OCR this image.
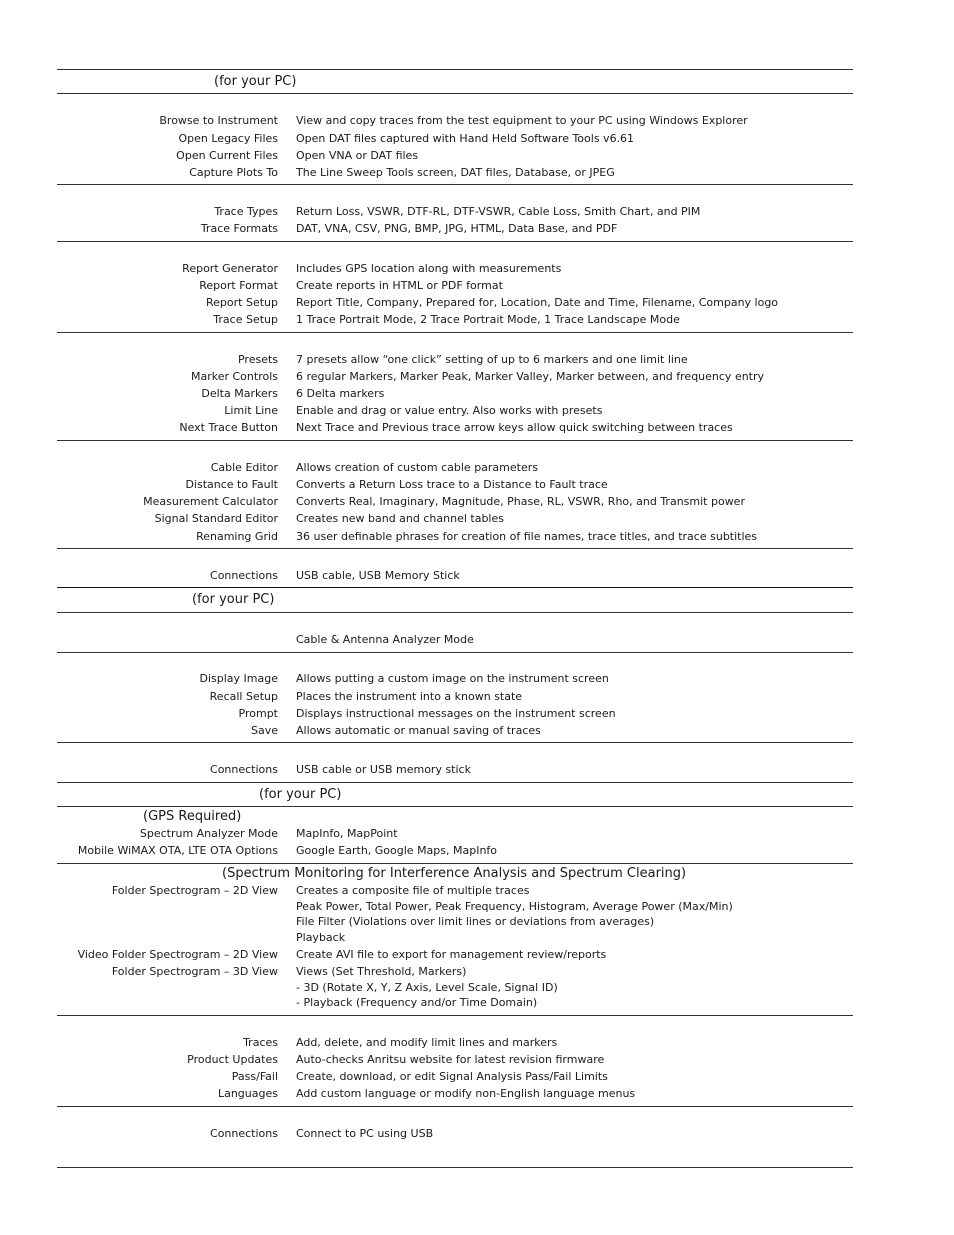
(for your PC)
Browse to Instrument View and copy traces from the test equipment to your PC using Windows Explorer
Open Legacy Files Open DAT files captured with Hand Held Software Tools v6.61
Open Current Files Open VNA or DAT files
Capture Plots To The Line Sweep Tools screen, DAT files, Database, or JPEG
Trace Types Return Loss, VSWR, DTF-RL, DTF-VSWR, Cable Loss, Smith Chart, and PIM
Trace Formats DAT, VNA, CSV, PNG, BMP, JPG, HTML, Data Base, and PDF
Report Generator Includes GPS location along with measurements
Report Format Create reports in HTML or PDF format
Report Setup Report Title, Company, Prepared for, Location, Date and Time, Filename, Company logo
Trace Setup 1 Trace Portrait Mode, 2 Trace Portrait Mode, 1 Trace Landscape Mode
Presets 7 presets allow “one click” setting of up to 6 markers and one limit line
Marker Controls 6 regular Markers, Marker Peak, Marker Valley, Marker between, and frequency entry
Delta Markers 6 Delta markers
Limit Line Enable and drag or value entry. Also works with presets
Next Trace Button Next Trace and Previous trace arrow keys allow quick switching between traces
Cable Editor Allows creation of custom cable parameters
Distance to Fault Converts a Return Loss trace to a Distance to Fault trace
Measurement Calculator Converts Real, Imaginary, Magnitude, Phase, RL, VSWR, Rho, and Transmit power
Signal Standard Editor Creates new band and channel tables
Renaming Grid 36 user definable phrases for creation of file names, trace titles, and trace subtitles
Connections USB cable, USB Memory Stick
(for your PC)
Cable & Antenna Analyzer Mode
Display Image Allows putting a custom image on the instrument screen
Recall Setup Places the instrument into a known state
Prompt Displays instructional messages on the instrument screen
Save Allows automatic or manual saving of traces
Connections USB cable or USB memory stick
(for your PC)
(GPS Required)
Spectrum Analyzer Mode MapInfo, MapPoint
Mobile WiMAX OTA, LTE OTA Options Google Earth, Google Maps, MapInfo
(Spectrum Monitoring for Interference Analysis and Spectrum Clearing)
Folder Spectrogram – 2D View Creates a composite file of multiple traces
Peak Power, Total Power, Peak Frequency, Histogram, Average Power (Max/Min)
File Filter (Violations over limit lines or deviations from averages)
Playback
Video Folder Spectrogram – 2D View Create AVI file to export for management review/reports
Folder Spectrogram – 3D View Views (Set Threshold, Markers)
- 3D (Rotate X, Y, Z Axis, Level Scale, Signal ID)
- Playback (Frequency and/or Time Domain)
Traces Add, delete, and modify limit lines and markers
Product Updates Auto-checks Anritsu website for latest revision firmware
Pass/Fail Create, download, or edit Signal Analysis Pass/Fail Limits
Languages Add custom language or modify non-English language menus
Connections Connect to PC using USB
